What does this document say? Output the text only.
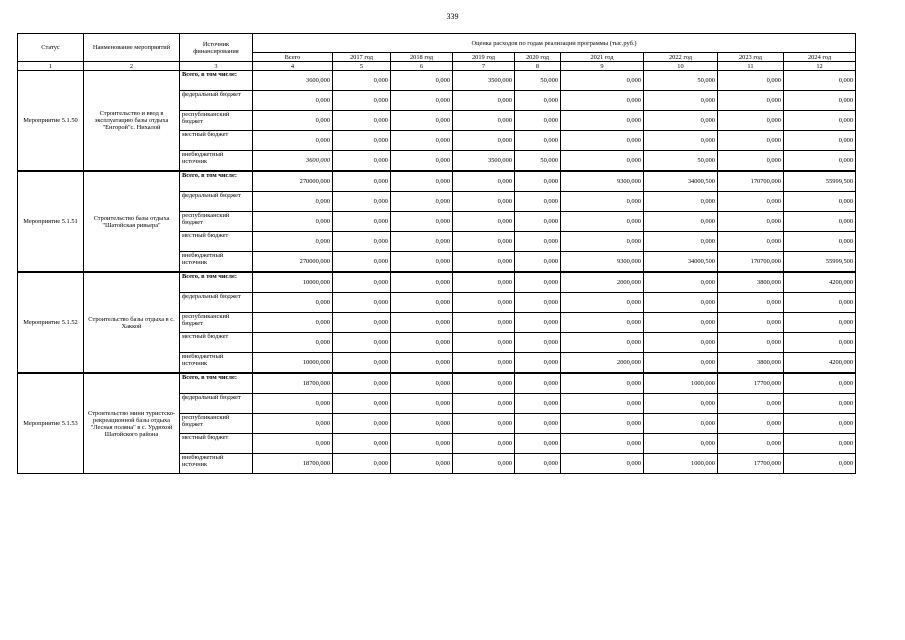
339
Статус	Наименование мероприятий	Источник финансирования	Оценка расходов по годам реализации программы (тыс.руб.)								
			Всего	2017 год	2018 год	2019 год	2020 год	2021 год	2022 год	2023 год	2024 год
1	2	3	4	5	6	7	8	9	10	11	12
Мероприятие 5.1.50	Строительство и ввод в эксплуатацию базы отдыха "Енгорой"с. Нихалой	Всего, в том числе:	3600,000	0,000	0,000	3500,000	50,000	0,000	50,000	0,000	0,000
		федеральный бюджет	0,000	0,000	0,000	0,000	0,000	0,000	0,000	0,000	0,000
		республиканский бюджет	0,000	0,000	0,000	0,000	0,000	0,000	0,000	0,000	0,000
		местный бюджет	0,000	0,000	0,000	0,000	0,000	0,000	0,000	0,000	0,000
		внебюджетный источник	3600,000	0,000	0,000	3500,000	50,000	0,000	50,000	0,000	0,000
Мероприятие 5.1.51	Строительство базы отдыха "Шатойская ривьера"	Всего, в том числе:	270000,000	0,000	0,000	0,000	0,000	9300,000	34000,500	170700,000	55999,500
		федеральный бюджет	0,000	0,000	0,000	0,000	0,000	0,000	0,000	0,000	0,000
		республиканский бюджет	0,000	0,000	0,000	0,000	0,000	0,000	0,000	0,000	0,000
		местный бюджет	0,000	0,000	0,000	0,000	0,000	0,000	0,000	0,000	0,000
		внебюджетный источник	270000,000	0,000	0,000	0,000	0,000	9300,000	34000,500	170700,000	55999,500
Мероприятие 5.1.52	Строительство базы отдыха в с. Хаккой	Всего, в том числе:	10000,000	0,000	0,000	0,000	0,000	2000,000	0,000	3800,000	4200,000
		федеральный бюджет	0,000	0,000	0,000	0,000	0,000	0,000	0,000	0,000	0,000
		республиканский бюджет	0,000	0,000	0,000	0,000	0,000	0,000	0,000	0,000	0,000
		местный бюджет	0,000	0,000	0,000	0,000	0,000	0,000	0,000	0,000	0,000
		внебюджетный источник	10000,000	0,000	0,000	0,000	0,000	2000,000	0,000	3800,000	4200,000
Мероприятие 5.1.53	Строительство мини туристско-рекреационной базы отдыха "Лесная поляна" в с. Урдюхой Шатойского района	Всего, в том числе:	18700,000	0,000	0,000	0,000	0,000	0,000	1000,000	17700,000	0,000
		федеральный бюджет	0,000	0,000	0,000	0,000	0,000	0,000	0,000	0,000	0,000
		республиканский бюджет	0,000	0,000	0,000	0,000	0,000	0,000	0,000	0,000	0,000
		местный бюджет	0,000	0,000	0,000	0,000	0,000	0,000	0,000	0,000	0,000
		внебюджетный источник	18700,000	0,000	0,000	0,000	0,000	0,000	1000,000	17700,000	0,000
